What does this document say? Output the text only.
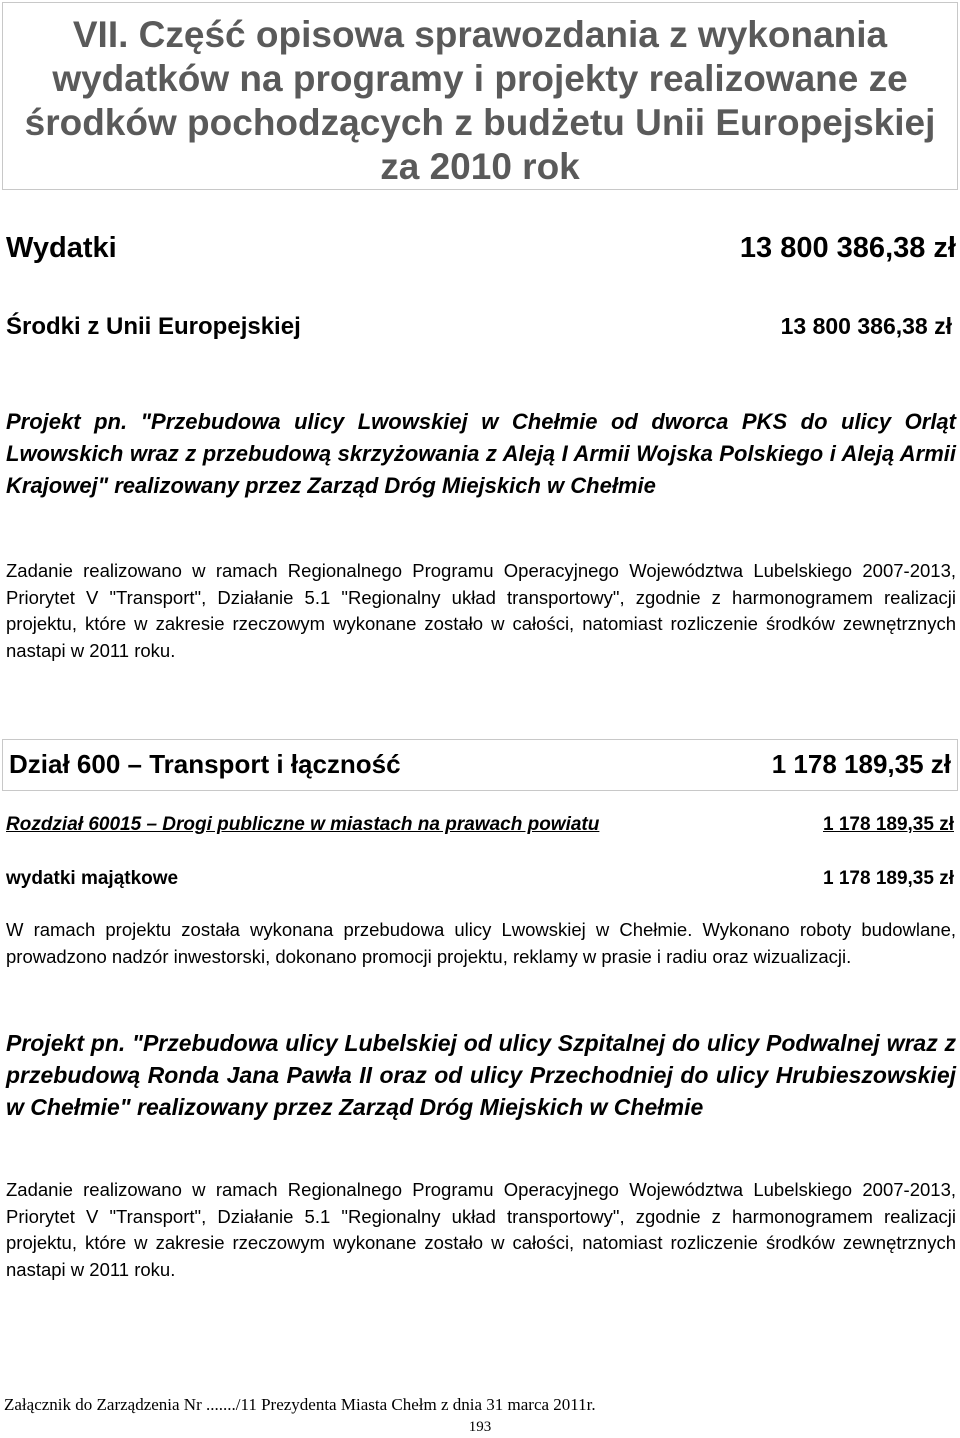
VII. Część opisowa sprawozdania z wykonania wydatków na programy i projekty realizowane ze środków pochodzących z budżetu Unii Europejskiej za 2010 rok
Wydatki	13 800 386,38 zł
Środki z Unii Europejskiej	13 800 386,38 zł

Projekt pn. "Przebudowa ulicy Lwowskiej w Chełmie od dworca PKS do ulicy Orląt Lwowskich wraz z przebudową skrzyżowania z Aleją I Armii Wojska Polskiego i Aleją Armii Krajowej" realizowany przez Zarząd Dróg Miejskich w Chełmie

Zadanie realizowano w ramach Regionalnego Programu Operacyjnego Województwa Lubelskiego 2007-2013, Priorytet V "Transport", Działanie 5.1 "Regionalny układ transportowy", zgodnie z harmonogramem realizacji projektu, które w zakresie rzeczowym wykonane zostało w całości, natomiast rozliczenie środków zewnętrznych nastapi w 2011 roku.

Dział 600 – Transport i łączność	1 178 189,35 zł
Rozdział 60015 – Drogi publiczne w miastach na prawach powiatu	1 178 189,35 zł
wydatki majątkowe	1 178 189,35 zł

W ramach projektu została wykonana przebudowa ulicy Lwowskiej w Chełmie. Wykonano roboty budowlane, prowadzono nadzór inwestorski, dokonano promocji projektu, reklamy w prasie i radiu oraz wizualizacji.

Projekt pn. "Przebudowa ulicy Lubelskiej od ulicy Szpitalnej do ulicy Podwalnej wraz z przebudową Ronda Jana Pawła II oraz od ulicy Przechodniej do ulicy Hrubieszowskiej w Chełmie" realizowany przez Zarząd Dróg Miejskich w Chełmie

Zadanie realizowano w ramach Regionalnego Programu Operacyjnego Województwa Lubelskiego 2007-2013, Priorytet V "Transport", Działanie 5.1 "Regionalny układ transportowy", zgodnie z harmonogramem realizacji projektu, które w zakresie rzeczowym wykonane zostało w całości, natomiast rozliczenie środków zewnętrznych nastapi w 2011 roku.

Załącznik do Zarządzenia Nr ......./11 Prezydenta Miasta Chełm z dnia 31 marca 2011r.
193
